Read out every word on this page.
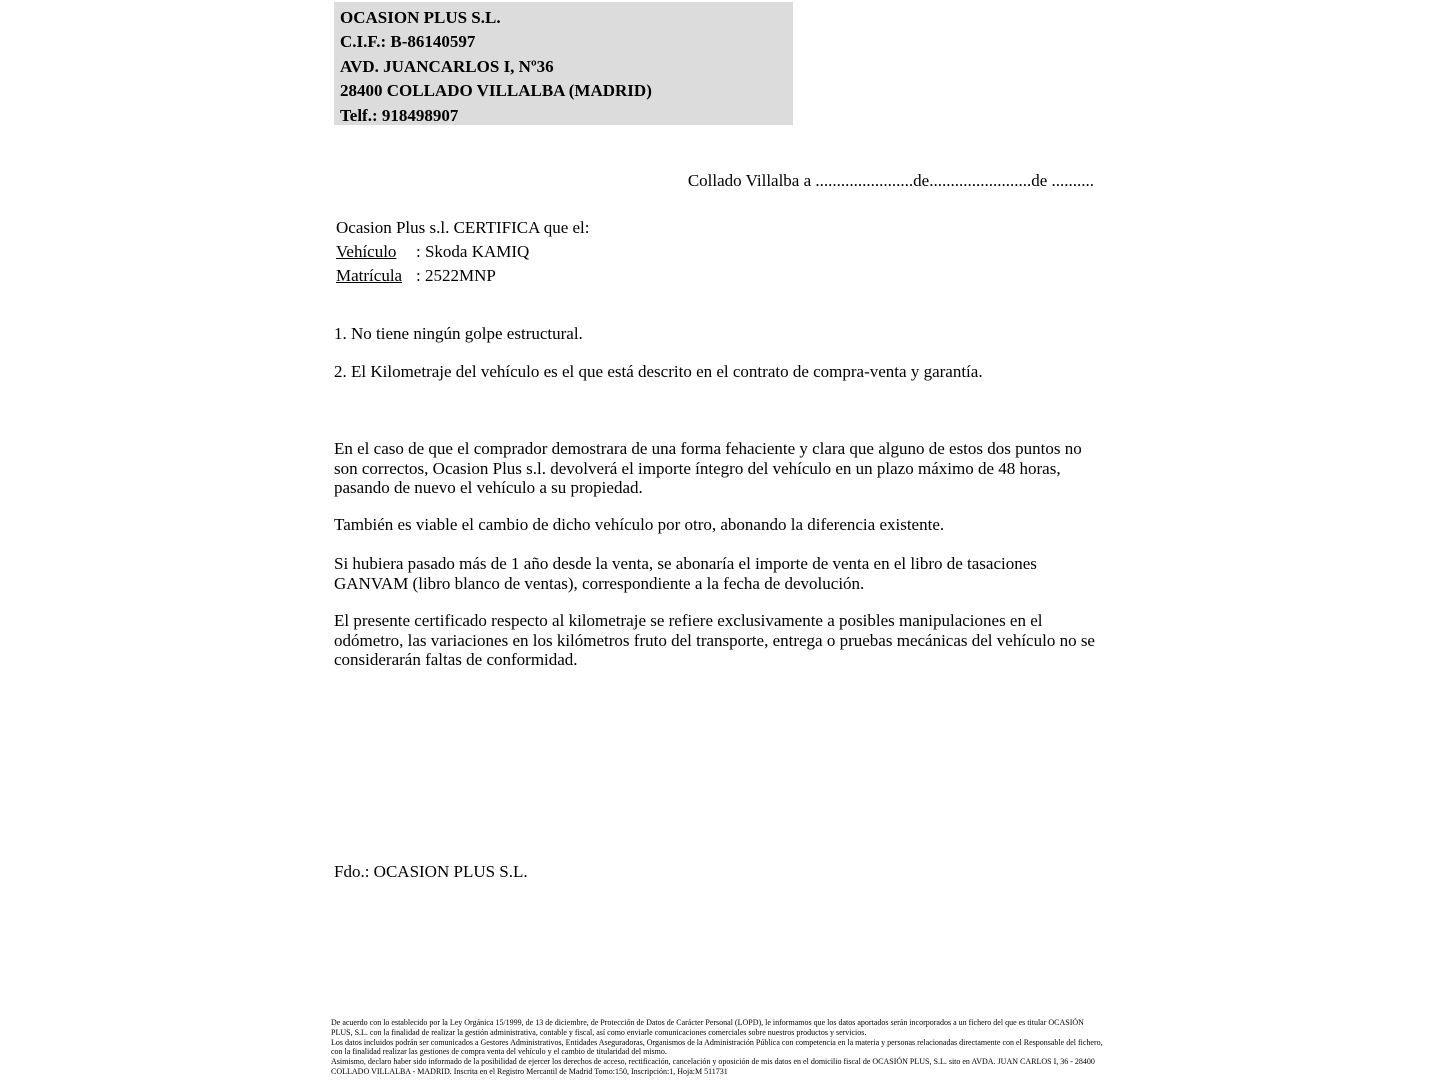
OCASION PLUS S.L.
C.I.F.: B-86140597
AVD. JUANCARLOS I, Nº36
28400 COLLADO VILLALBA (MADRID)
Telf.: 918498907
Collado Villalba a .......................de........................de ..........
Ocasion Plus s.l. CERTIFICA que el:
Vehículo : Skoda KAMIQ
Matrícula : 2522MNP
1. No tiene ningún golpe estructural.
2. El Kilometraje del vehículo es el que está descrito en el contrato de compra-venta y garantía.
En el caso de que el comprador demostrara de una forma fehaciente y clara que alguno de estos dos puntos no son correctos, Ocasion Plus s.l. devolverá el importe íntegro del vehículo en un plazo máximo de 48 horas, pasando de nuevo el vehículo a su propiedad.
También es viable el cambio de dicho vehículo por otro, abonando la diferencia existente.
Si hubiera pasado más de 1 año desde la venta, se abonaría el importe de venta en el libro de tasaciones GANVAM (libro blanco de ventas), correspondiente a la fecha de devolución.
El presente certificado respecto al kilometraje se refiere exclusivamente a posibles manipulaciones en el odómetro, las variaciones en los kilómetros fruto del transporte, entrega o pruebas mecánicas del vehículo no se considerarán faltas de conformidad.
Fdo.: OCASION PLUS S.L.
De acuerdo con lo establecido por la Ley Orgánica 15/1999, de 13 de diciembre, de Protección de Datos de Carácter Personal (LOPD), le informamos que los datos aportados serán incorporados a un fichero del que es titular OCASIÓN PLUS, S.L. con la finalidad de realizar la gestión administrativa, contable y fiscal, así como enviarle comunicaciones comerciales sobre nuestros productos y servicios.
Los datos incluidos podrán ser comunicados a Gestores Administrativos, Entidades Aseguradoras, Organismos de la Administración Pública con competencia en la materia y personas relacionadas directamente con el Responsable del fichero, con la finalidad realizar las gestiones de compra venta del vehículo y el cambio de titularidad del mismo.
Asimismo, declaro haber sido informado de la posibilidad de ejercer los derechos de acceso, rectificación, cancelación y oposición de mis datos en el domicilio fiscal de OCASIÓN PLUS, S.L. sito en AVDA. JUAN CARLOS I, 36 - 28400 COLLADO VILLALBA - MADRID. Inscrita en el Registro Mercantil de Madrid Tomo:150, Inscripción:1, Hoja:M 511731
